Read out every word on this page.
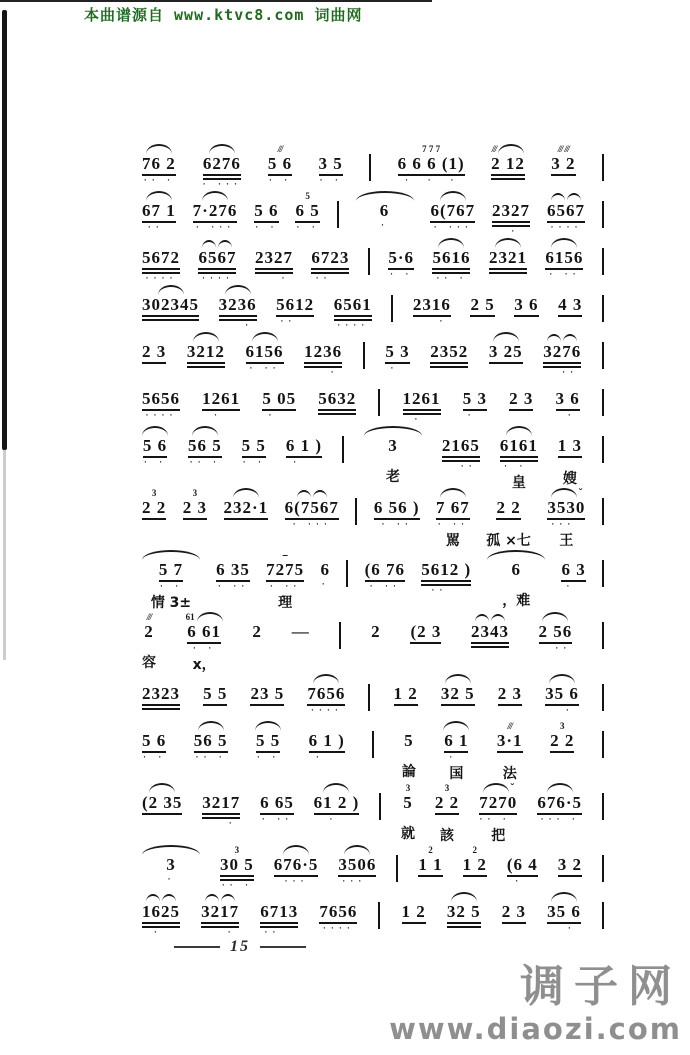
本曲谱源自 www.ktvc8.com 词曲网
76 2
·· ·
6276
· ···
///
5 6
· ·
3 5
· ·
7 7 7
6 6 6 (1)
·  ·  ·
///
2 12
/// ///
3 2
67 1
··
7·276
· ···
5 6
· ·
5
6 5
· ·
6
·
6(767
· ···
2327
·
6567
····
5672
····
6567
····
2327
·
6723
··
5·6
· ·
5616
·· ·
2321 6156
· ··
302345 3236
·
5612
··
6561
····
2316
·
2 5 3 6 4 3
2 3 3212 6156
· ··
1236
·
5 3
·
2352 3 25 3276
··
5656
····
1261
·
5 05
·
5632	1261
·
5 3
·
2 3 3 6
·
5 6
· ·
56 5
·· ·
5 5
· ·
6 1 )
·
3
老
2165
··
6161
· ·
皇
1 3
嫂
3
2 2
3
2 3 232·1 6(7567
· ···
6 56 )
· ··
7 67
· ··
駡
2 2
孤 ×七
ˇ
3530
···
王
5 7
· ·
情 3±
6 35
· ··
–
7275
· ··
理
6
·
(6 76
· ··
5612 )
··
6
，难
6 3
·
///
2
容
61
6 61
· ·
x，
2 —	2 (2 3 2343 2 56
··
2323 5 5 23 5 7656
····
1 2 32 5 2 3 35 6
·
5 6
· ·
56 5
·· ·
5 5
· ·
6 1 )
·
5
論
6 1
·
国
///
3·1
法
3
2 2
(2 35 3217
·
6 65
· ··
61 2 )
·
3
5
就
3
2 2
該
ˇ
7270
·· ·
把
676·5
··· ·
3
·
3
30 5
·· ·
676·5
···
3506
···
2
1 1
2
1 2 (6 4
·
3 2
1625
·
3217
·
6713
··
7656
····
1 2 32 5 2 3 35 6
·
15
调子网
www.diaozi.com
